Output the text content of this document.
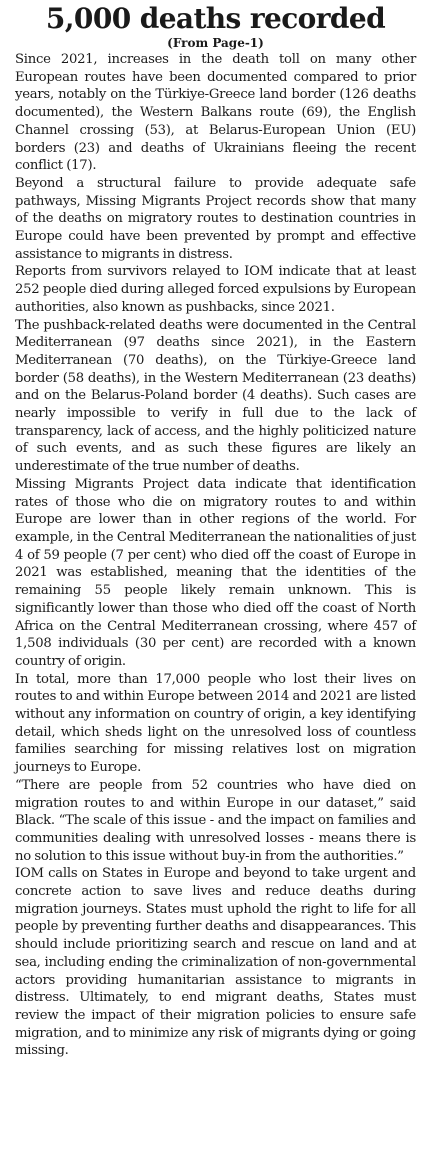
5,000 deaths recorded
(From Page-1)

Since 2021, increases in the death toll on many other European routes have been documented compared to prior years, notably on the Türkiye-Greece land border (126 deaths documented), the Western Balkans route (69), the English Channel crossing (53), at Belarus-European Union (EU) borders (23) and deaths of Ukrainians fleeing the recent conflict (17).

Beyond a structural failure to provide adequate safe pathways, Missing Migrants Project records show that many of the deaths on migratory routes to destination countries in Europe could have been prevented by prompt and effective assistance to migrants in distress.

Reports from survivors relayed to IOM indicate that at least 252 people died during alleged forced expulsions by European authorities, also known as pushbacks, since 2021.

The pushback-related deaths were documented in the Central Mediterranean (97 deaths since 2021), in the Eastern Mediterranean (70 deaths), on the Türkiye-Greece land border (58 deaths), in the Western Mediterranean (23 deaths) and on the Belarus-Poland border (4 deaths). Such cases are nearly impossible to verify in full due to the lack of transparency, lack of access, and the highly politicized nature of such events, and as such these figures are likely an underestimate of the true number of deaths.

Missing Migrants Project data indicate that identification rates of those who die on migratory routes to and within Europe are lower than in other regions of the world. For example, in the Central Mediterranean the nationalities of just 4 of 59 people (7 per cent) who died off the coast of Europe in 2021 was established, meaning that the identities of the remaining 55 people likely remain unknown. This is significantly lower than those who died off the coast of North Africa on the Central Mediterranean crossing, where 457 of 1,508 individuals (30 per cent) are recorded with a known country of origin.

In total, more than 17,000 people who lost their lives on routes to and within Europe between 2014 and 2021 are listed without any information on country of origin, a key identifying detail, which sheds light on the unresolved loss of countless families searching for missing relatives lost on migration journeys to Europe.

“There are people from 52 countries who have died on migration routes to and within Europe in our dataset,” said Black. “The scale of this issue - and the impact on families and communities dealing with unresolved losses - means there is no solution to this issue without buy-in from the authorities.”

IOM calls on States in Europe and beyond to take urgent and concrete action to save lives and reduce deaths during migration journeys. States must uphold the right to life for all people by preventing further deaths and disappearances. This should include prioritizing search and rescue on land and at sea, including ending the criminalization of non-governmental actors providing humanitarian assistance to migrants in distress. Ultimately, to end migrant deaths, States must review the impact of their migration policies to ensure safe migration, and to minimize any risk of migrants dying or going missing.
